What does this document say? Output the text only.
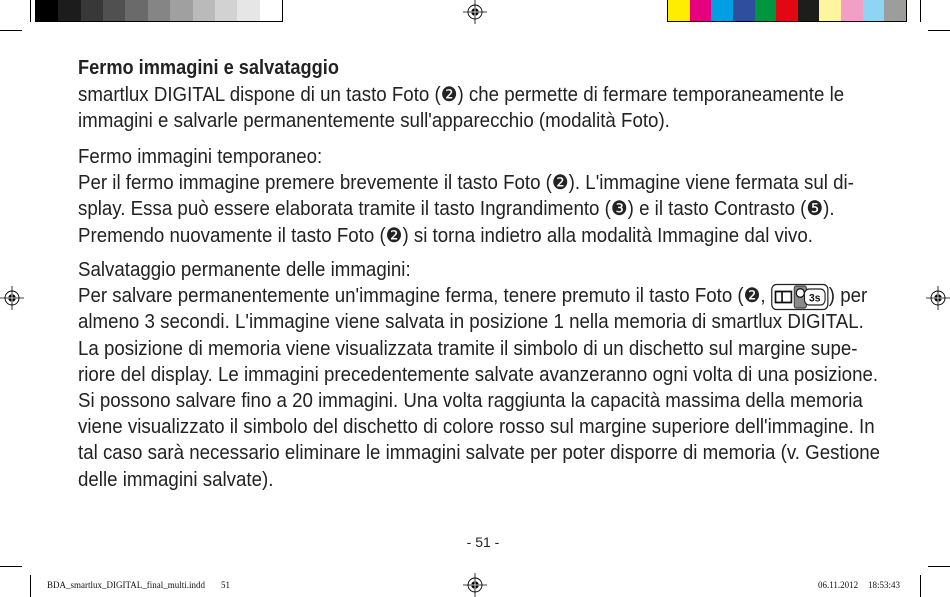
Fermo immagini e salvataggio
smartlux DIGITAL dispone di un tasto Foto (❷) che permette di fermare temporaneamente le
immagini e salvarle permanentemente sull'apparecchio (modalità Foto).
Fermo immagini temporaneo:
Per il fermo immagine premere brevemente il tasto Foto (❷). L'immagine viene fermata sul di-
splay. Essa può essere elaborata tramite il tasto Ingrandimento (❸) e il tasto Contrasto (❺).
Premendo nuovamente il tasto Foto (❷) si torna indietro alla modalità Immagine dal vivo.
Salvataggio permanente delle immagini:
Per salvare permanentemente un'immagine ferma, tenere premuto il tasto Foto (❷,	3s ) per
almeno 3 secondi. L'immagine viene salvata in posizione 1 nella memoria di smartlux DIGITAL.
La posizione di memoria viene visualizzata tramite il simbolo di un dischetto sul margine supe-
riore del display. Le immagini precedentemente salvate avanzeranno ogni volta di una posizione.
Si possono salvare fino a 20 immagini. Una volta raggiunta la capacità massima della memoria
viene visualizzato il simbolo del dischetto di colore rosso sul margine superiore dell'immagine. In
tal caso sarà necessario eliminare le immagini salvate per poter disporre di memoria (v. Gestione
delle immagini salvate).
- 51 -
BDA_smartlux_DIGITAL_final_multi.indd 51	06.11.2012 18:53:43
